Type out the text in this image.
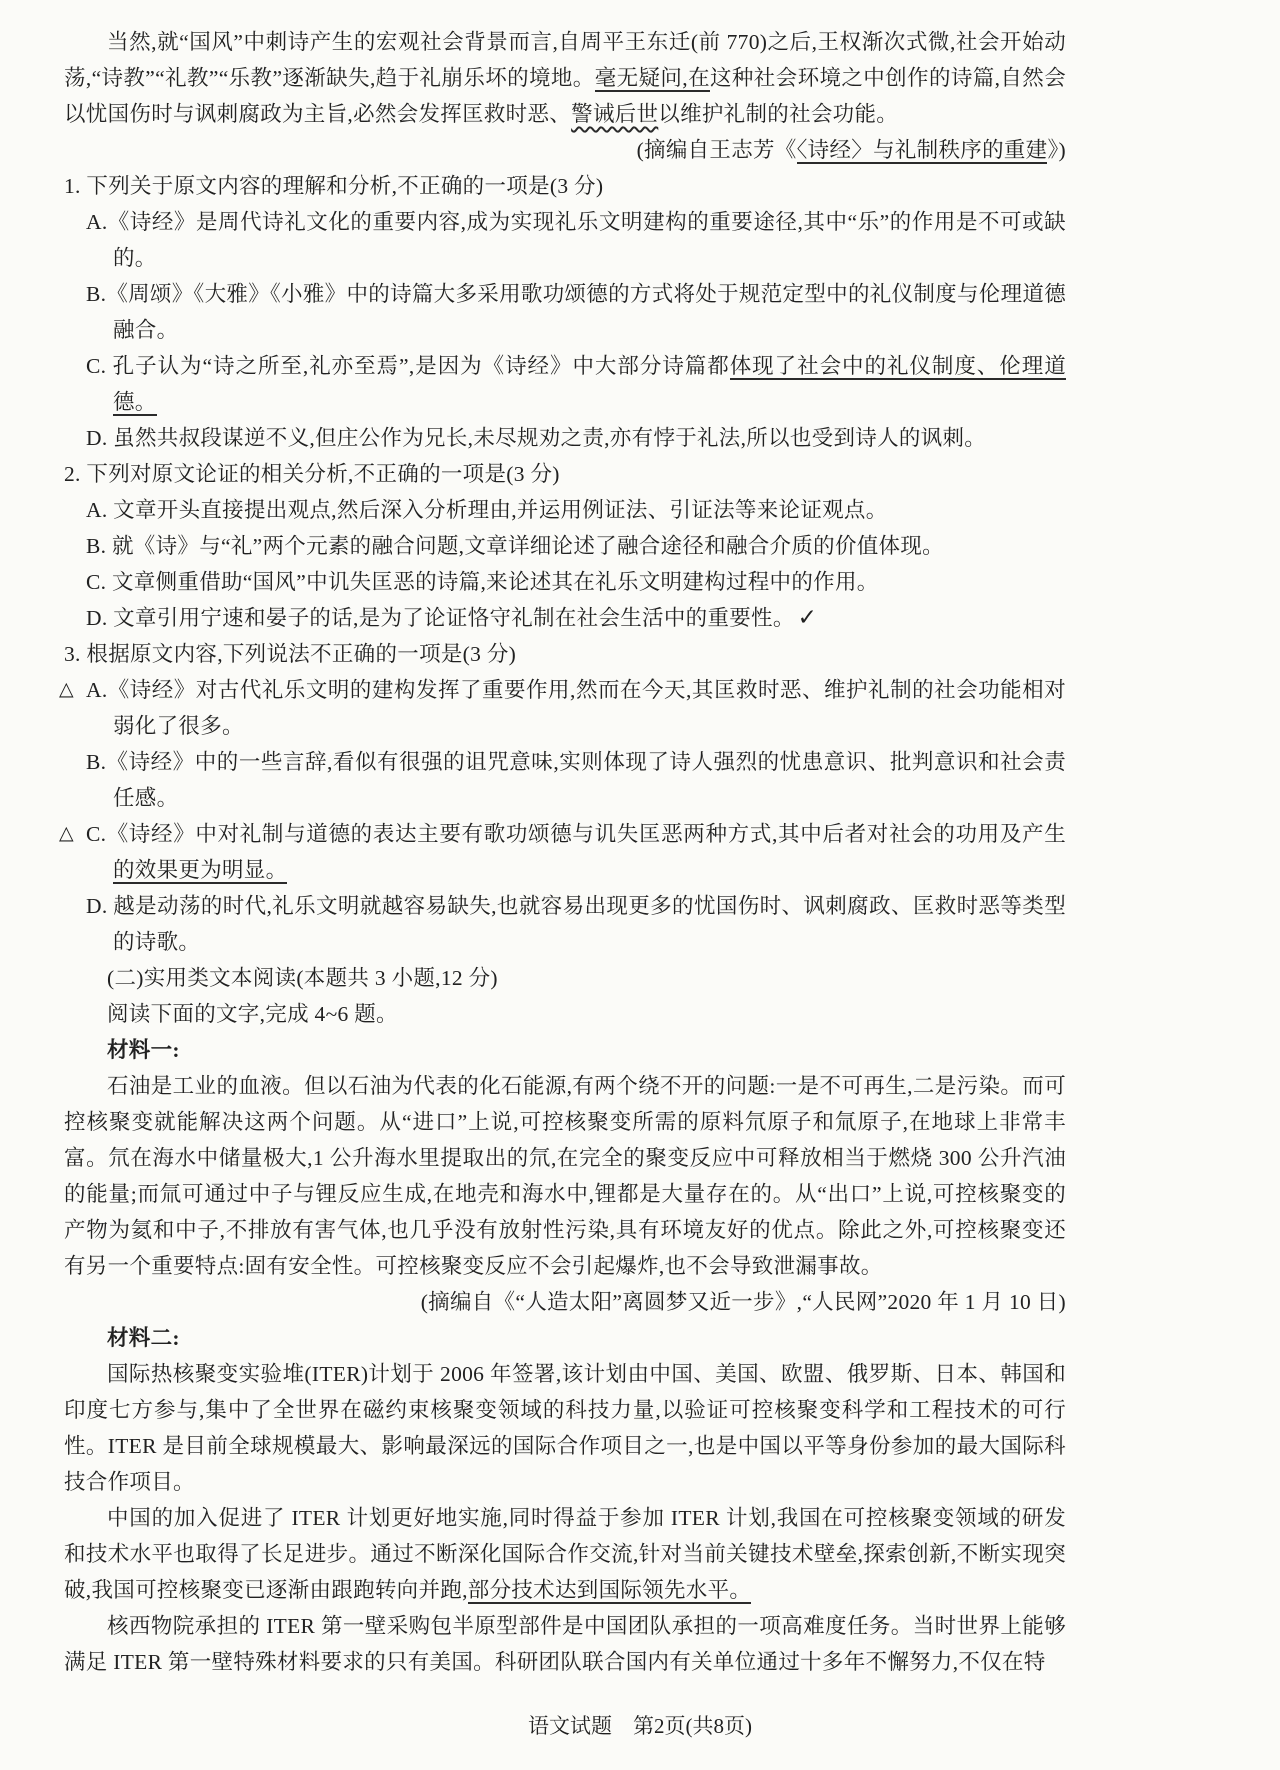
当然,就“国风”中刺诗产生的宏观社会背景而言,自周平王东迁(前 770)之后,王权渐次式微,社会开始动荡,“诗教”“礼教”“乐教”逐渐缺失,趋于礼崩乐坏的境地。毫无疑问,在这种社会环境之中创作的诗篇,自然会以忧国伤时与讽刺腐政为主旨,必然会发挥匡救时恶、警诫后世以维护礼制的社会功能。

(摘编自王志芳《〈诗经〉与礼制秩序的重建》)

1. 下列关于原文内容的理解和分析,不正确的一项是(3 分)

A.《诗经》是周代诗礼文化的重要内容,成为实现礼乐文明建构的重要途径,其中“乐”的作用是不可或缺的。

B.《周颂》《大雅》《小雅》中的诗篇大多采用歌功颂德的方式将处于规范定型中的礼仪制度与伦理道德融合。

C. 孔子认为“诗之所至,礼亦至焉”,是因为《诗经》中大部分诗篇都体现了社会中的礼仪制度、伦理道德。

D. 虽然共叔段谋逆不义,但庄公作为兄长,未尽规劝之责,亦有悖于礼法,所以也受到诗人的讽刺。

2. 下列对原文论证的相关分析,不正确的一项是(3 分)

A. 文章开头直接提出观点,然后深入分析理由,并运用例证法、引证法等来论证观点。

B. 就《诗》与“礼”两个元素的融合问题,文章详细论述了融合途径和融合介质的价值体现。

C. 文章侧重借助“国风”中讥失匡恶的诗篇,来论述其在礼乐文明建构过程中的作用。

D. 文章引用宁速和晏子的话,是为了论证恪守礼制在社会生活中的重要性。 ✓

3. 根据原文内容,下列说法不正确的一项是(3 分)

△ A.《诗经》对古代礼乐文明的建构发挥了重要作用,然而在今天,其匡救时恶、维护礼制的社会功能相对弱化了很多。

B.《诗经》中的一些言辞,看似有很强的诅咒意味,实则体现了诗人强烈的忧患意识、批判意识和社会责任感。

△ C.《诗经》中对礼制与道德的表达主要有歌功颂德与讥失匡恶两种方式,其中后者对社会的功用及产生的效果更为明显。

D. 越是动荡的时代,礼乐文明就越容易缺失,也就容易出现更多的忧国伤时、讽刺腐政、匡救时恶等类型的诗歌。

(二)实用类文本阅读(本题共 3 小题,12 分)

阅读下面的文字,完成 4~6 题。

材料一:

石油是工业的血液。但以石油为代表的化石能源,有两个绕不开的问题:一是不可再生,二是污染。而可控核聚变就能解决这两个问题。从“进口”上说,可控核聚变所需的原料氘原子和氚原子,在地球上非常丰富。氘在海水中储量极大,1 公升海水里提取出的氘,在完全的聚变反应中可释放相当于燃烧 300 公升汽油的能量;而氚可通过中子与锂反应生成,在地壳和海水中,锂都是大量存在的。从“出口”上说,可控核聚变的产物为氦和中子,不排放有害气体,也几乎没有放射性污染,具有环境友好的优点。除此之外,可控核聚变还有另一个重要特点:固有安全性。可控核聚变反应不会引起爆炸,也不会导致泄漏事故。

(摘编自《“人造太阳”离圆梦又近一步》,“人民网”2020 年 1 月 10 日)

材料二:

国际热核聚变实验堆(ITER)计划于 2006 年签署,该计划由中国、美国、欧盟、俄罗斯、日本、韩国和印度七方参与,集中了全世界在磁约束核聚变领域的科技力量,以验证可控核聚变科学和工程技术的可行性。ITER 是目前全球规模最大、影响最深远的国际合作项目之一,也是中国以平等身份参加的最大国际科技合作项目。

中国的加入促进了 ITER 计划更好地实施,同时得益于参加 ITER 计划,我国在可控核聚变领域的研发和技术水平也取得了长足进步。通过不断深化国际合作交流,针对当前关键技术壁垒,探索创新,不断实现突破,我国可控核聚变已逐渐由跟跑转向并跑,部分技术达到国际领先水平。

核西物院承担的 ITER 第一壁采购包半原型部件是中国团队承担的一项高难度任务。当时世界上能够满足 ITER 第一壁特殊材料要求的只有美国。科研团队联合国内有关单位通过十多年不懈努力,不仅在特

语文试题　第2页(共8页)
